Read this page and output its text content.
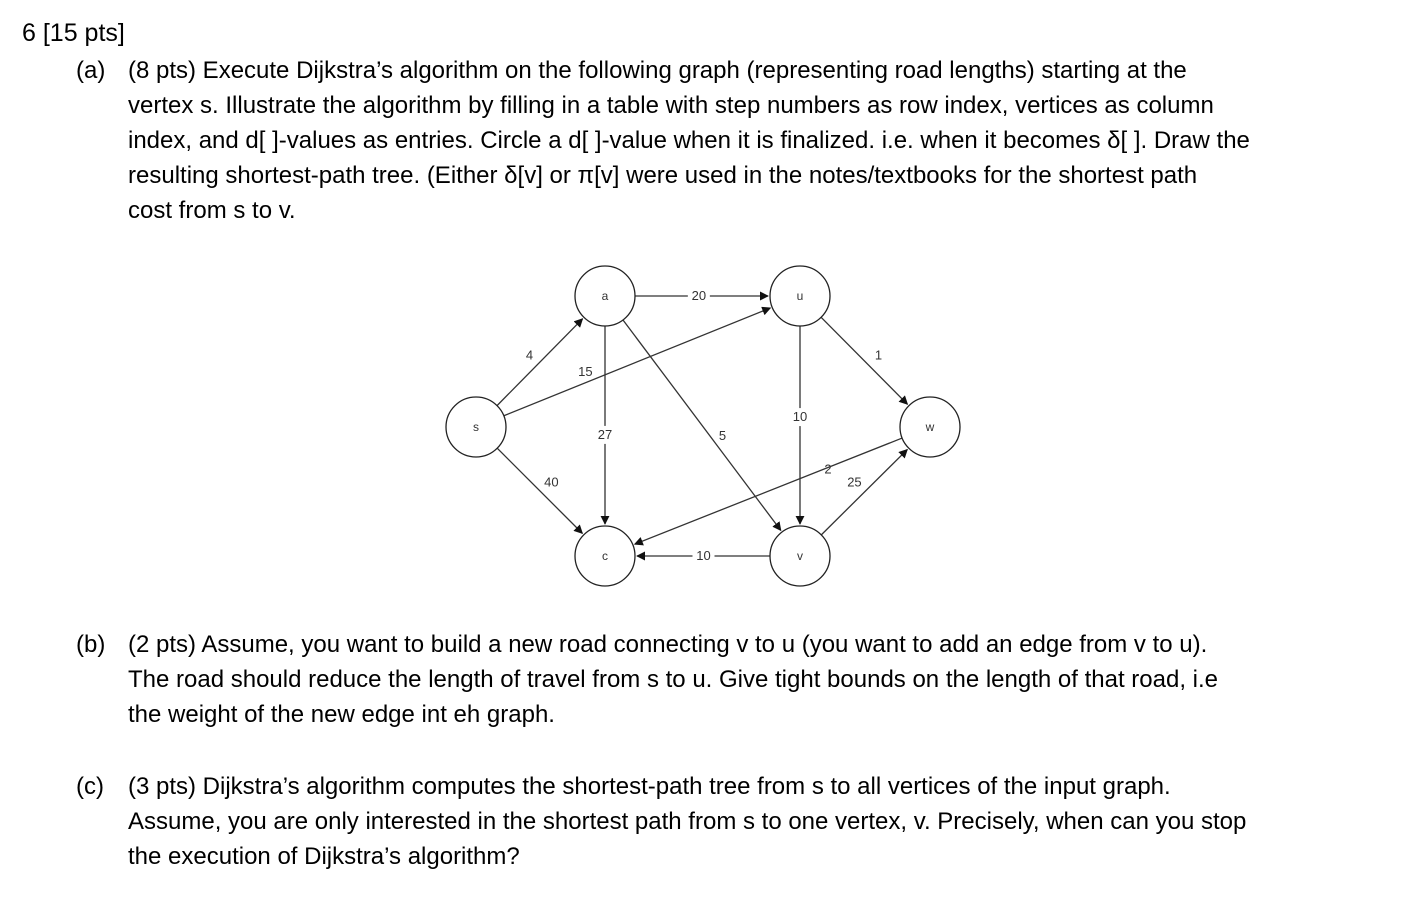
6 [15 pts]
(a) (8 pts) Execute Dijkstra’s algorithm on the following graph (representing road lengths) starting at the
vertex s. Illustrate the algorithm by filling in a table with step numbers as row index, vertices as column
index, and d[ ]-values as entries. Circle a d[ ]-value when it is finalized. i.e. when it becomes δ[ ]. Draw the
resulting shortest-path tree. (Either δ[v] or π[v] were used in the notes/textbooks for the shortest path
cost from s to v.
4
15
40
20
27	5
1
10
2
25
10
s
a	u
w
c	v
(b) (2 pts) Assume, you want to build a new road connecting v to u (you want to add an edge from v to u).
The road should reduce the length of travel from s to u. Give tight bounds on the length of that road, i.e
the weight of the new edge int eh graph.
(c)	(3 pts) Dijkstra’s algorithm computes the shortest-path tree from s to all vertices of the input graph.
Assume, you are only interested in the shortest path from s to one vertex, v. Precisely, when can you stop
the execution of Dijkstra’s algorithm?
